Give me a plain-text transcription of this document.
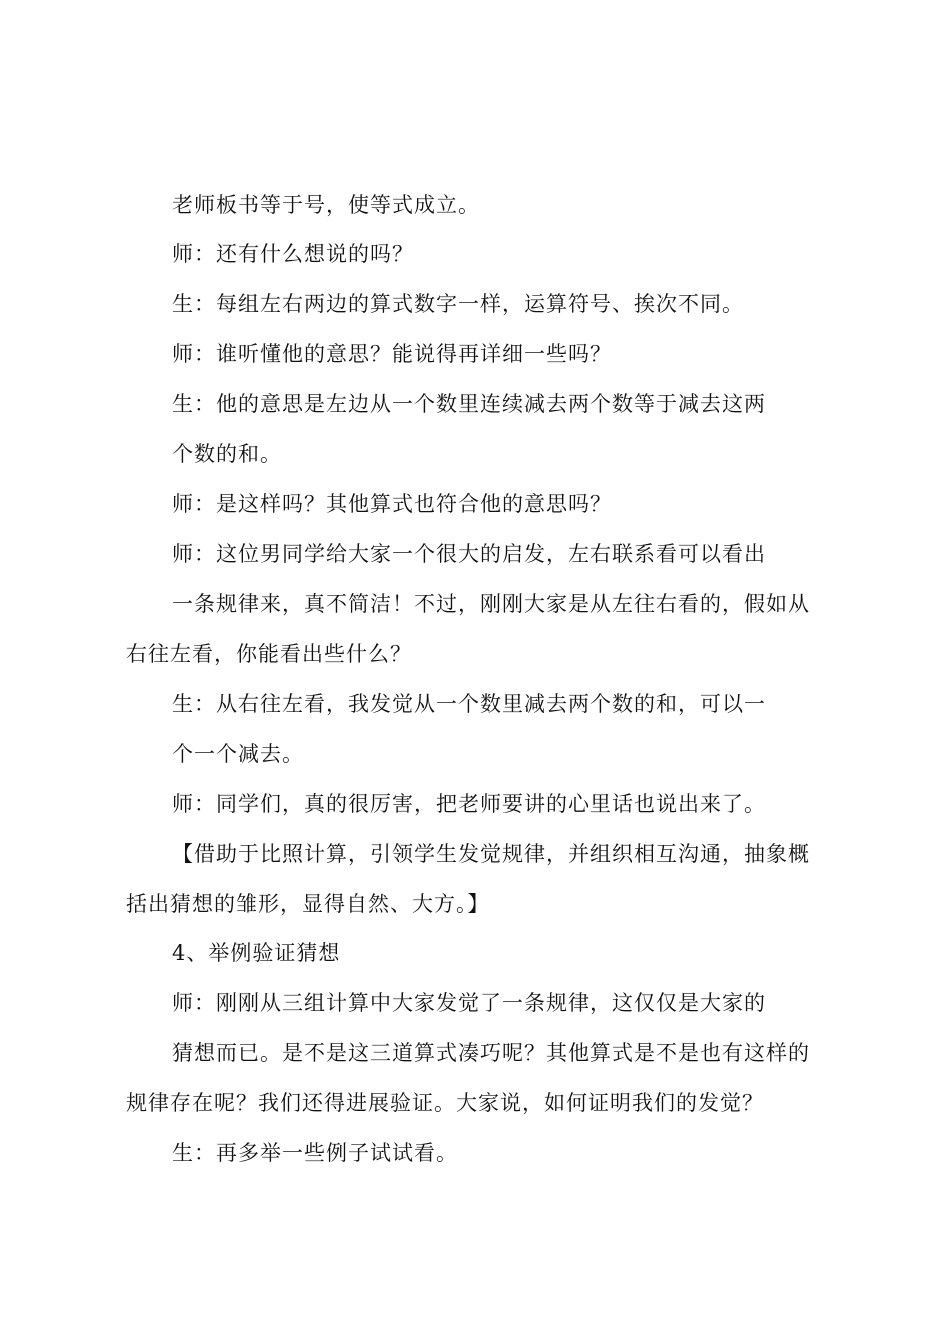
老师板书等于号，使等式成立。
师：还有什么想说的吗？
生：每组左右两边的算式数字一样，运算符号、挨次不同。
师：谁听懂他的意思？能说得再详细一些吗？
生：他的意思是左边从一个数里连续减去两个数等于减去这两
个数的和。
师：是这样吗？其他算式也符合他的意思吗？
师：这位男同学给大家一个很大的启发，左右联系看可以看出
一条规律来，真不简洁！不过，刚刚大家是从左往右看的，假如从
右往左看，你能看出些什么？
生：从右往左看，我发觉从一个数里减去两个数的和，可以一
个一个减去。
师：同学们，真的很厉害，把老师要讲的心里话也说出来了。
【借助于比照计算，引领学生发觉规律，并组织相互沟通，抽象概
括出猜想的雏形，显得自然、大方。】
4、举例验证猜想
师：刚刚从三组计算中大家发觉了一条规律，这仅仅是大家的
猜想而已。是不是这三道算式凑巧呢？其他算式是不是也有这样的
规律存在呢？我们还得进展验证。大家说，如何证明我们的发觉？
生：再多举一些例子试试看。
